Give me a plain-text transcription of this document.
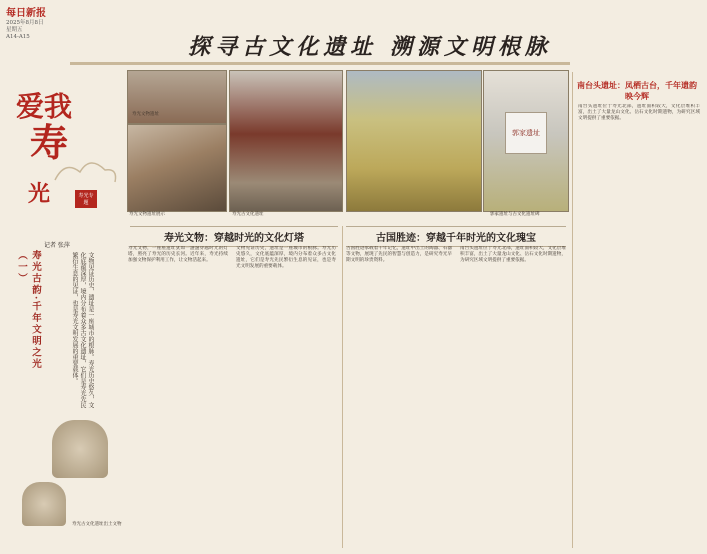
每日新报
2025年8月8日
星期五
A14-A15	探寻古文化遗址 溯源文明根脉
爱我
寿
光	寿光专题
记者 张萍
寿光古韵·千年文明之光（一）	文物见证历史，遗址是一座城市的根脉。寿光历史悠久，文化底蕴深厚，境内分布着众多古文化遗址，它们是寿光先民繁衍生息的见证，也是寿光文明发展的重要载体。
寿光古文化遗址出土文物
寿光文物遗址
寿光文物遗址展示	寿光古文化遗址
郭家遗址
郭家遗址与古文化遗址碑
南台头遗址：凤栖古台，千年遗韵映今辉
南台头遗址位于寿光北部，遗址面积较大，文化层堆积丰富，出土了大量龙山文化、岳石文化时期遗物，为研究区域文明提供了重要依据。
寿光文物：穿越时光的文化灯塔
寿光文物，一座座遗址犹如一盏盏穿越时光的灯塔，照亮了寿光的历史长河。近年来，寿光持续加强文物保护利用工作，让文物活起来。
文物见证历史，遗址是一座城市的根脉。寿光历史悠久，文化底蕴深厚，境内分布着众多古文化遗址，它们是寿光先民繁衍生息的见证，也是寿光文明发展的重要载体。
古国胜迹：穿越千年时光的文化瑰宝
古国胜迹承载着千年记忆，遗址中出土的陶器、石器等文物，展现了先民的智慧与创造力，是研究寿光早期文明的珍贵资料。
南台头遗址位于寿光北部，遗址面积较大，文化层堆积丰富，出土了大量龙山文化、岳石文化时期遗物，为研究区域文明提供了重要依据。
